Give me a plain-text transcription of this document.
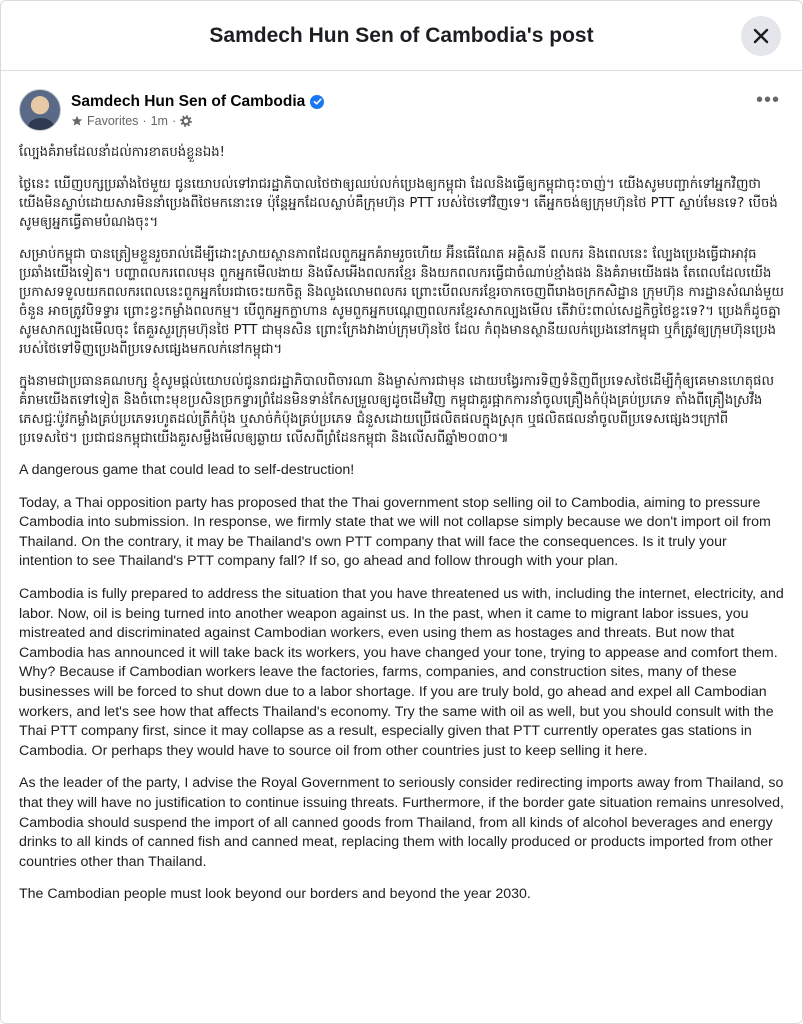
Samdech Hun Sen of Cambodia's post
Samdech Hun Sen of Cambodia
Favorites · 1m ·
•••

ល្បែងគំរាមដែលនាំដល់ការខាតបង់ខ្លួនឯង!

ថ្ងៃនេះ ឃើញបក្សប្រឆាំងថៃមួយ ជូនយោបល់ទៅរាជរដ្ឋាភិបាលថៃថាឲ្យឈប់លក់ប្រេងឲ្យកម្ពុជា ដែលនិងធ្វើឲ្យកម្ពុជាចុះចាញ់។ យើងសូមបញ្ជាក់ទៅអ្នកវិញថា យើងមិនស្លាប់ដោយសារមិននាំប្រេងពីថៃមកនោះទេ ប៉ុន្តែអ្នកដែលស្លាប់គឺក្រុមហ៊ុន PTT របស់ថៃទៅវិញទេ។ តើអ្នកចង់ឲ្យក្រុមហ៊ុនថៃ PTT ស្លាប់មែនទេ? បើចង់ សូមឲ្យអ្នកធ្វើតាមបំណងចុះ។

សម្រាប់កម្ពុជា បានត្រៀមខ្លួនរួចរាល់ដើម្បីដោះស្រាយស្ថានភាពដែលពួកអ្នកគំរាមរួចហើយ អ៊ីនធើណែត អគ្គិសនី ពលករ និងពេលនេះ ល្បែងប្រេងធ្វើជាអាវុធប្រឆាំងយើងទៀត។ បញ្ហាពលករពេលមុន ពួកអ្នកមើលងាយ និងរើសអើងពលករខ្មែរ និងយកពលករធ្វើជាចំណាប់ខ្មាំងផង និងគំរាមយើងផង តែពេលដែលយើងប្រកាសទទួលយកពលករពេលនេះពួកអ្នកបែរជាចេះយកចិត្ត និងលួងលោមពលករ ព្រោះបើពលករខ្មែរចាកចេញពីរោងចក្រកសិដ្ឋាន ក្រុមហ៊ុន ការដ្ឋានសំណង់មួយចំនួន អាចត្រូវបិទទ្វារ ព្រោះខ្វះកម្លាំងពលកម្ម។ បើពួកអ្នកក្លាហាន សូមពួកអ្នកបណ្ដេញពលករខ្មែរសាកល្បងមើល តើវាប៉ះពាល់សេដ្ឋកិច្ចថៃខ្លះទេ?។ ប្រេងក៏ដូចគ្នាសូមសាកល្បងមើលចុះ តែគួរសួរក្រុមហ៊ុនថៃ PTT ជាមុនសិន ព្រោះក្រែងវាងាប់ក្រុមហ៊ុនថៃ ដែល កំពុងមានស្ថានីយលក់ប្រេងនៅកម្ពុជា ឬក៏ត្រូវឲ្យក្រុមហ៊ុនប្រេងរបស់ថៃទៅទិញប្រេងពីប្រទេសផ្សេងមកលក់នៅកម្ពុជា។

ក្នុងនាមជាប្រធានគណបក្ស ខ្ញុំសូមផ្ដល់យោបល់ជូនរាជរដ្ឋាភិបាលពិចារណា និងម្ចាស់ការជាមុន ដោយបង្វែរការទិញទំនិញពីប្រទេសថៃដើម្បីកុំឲ្យគេមានហេតុផលគំរាមយើងតទៅទៀត និងចំពោះមុខប្រសិនច្រកទ្វារព្រំដែនមិនទាន់កែសម្រួលឲ្យដូចដើមវិញ កម្ពុជាគួរផ្អាកការនាំចូលគ្រឿងកំប៉ុងគ្រប់ប្រភេទ តាំងពីគ្រឿងស្រវឹង ភេសជ្ជៈប៉ូវកម្លាំងគ្រប់ប្រភេទរហូតដល់ត្រីកំប៉ុង ឬសាច់កំប៉ុងគ្រប់ប្រភេទ ជំនួសដោយប្រើផលិតផលក្នុងស្រុក ឬផលិតផលនាំចូលពីប្រទេសផ្សេងៗក្រៅពីប្រទេសថៃ។ ប្រជាជនកម្ពុជាយើងគួរសម្លឹងមើលឲ្យឆ្ងាយ លើសពីព្រំដែនកម្ពុជា និងលើសពីឆ្នាំ២០៣០៕

A dangerous game that could lead to self-destruction!

Today, a Thai opposition party has proposed that the Thai government stop selling oil to Cambodia, aiming to pressure Cambodia into submission. In response, we firmly state that we will not collapse simply because we don't import oil from Thailand. On the contrary, it may be Thailand's own PTT company that will face the consequences. Is it truly your intention to see Thailand's PTT company fall? If so, go ahead and follow through with your plan.

Cambodia is fully prepared to address the situation that you have threatened us with, including the internet, electricity, and labor. Now, oil is being turned into another weapon against us. In the past, when it came to migrant labor issues, you mistreated and discriminated against Cambodian workers, even using them as hostages and threats. But now that Cambodia has announced it will take back its workers, you have changed your tone, trying to appease and comfort them. Why? Because if Cambodian workers leave the factories, farms, companies, and construction sites, many of these businesses will be forced to shut down due to a labor shortage. If you are truly bold, go ahead and expel all Cambodian workers, and let's see how that affects Thailand's economy. Try the same with oil as well, but you should consult with the Thai PTT company first, since it may collapse as a result, especially given that PTT currently operates gas stations in Cambodia. Or perhaps they would have to source oil from other countries just to keep selling it here.

As the leader of the party, I advise the Royal Government to seriously consider redirecting imports away from Thailand, so that they will have no justification to continue issuing threats. Furthermore, if the border gate situation remains unresolved, Cambodia should suspend the import of all canned goods from Thailand, from all kinds of alcohol beverages and energy drinks to all kinds of canned fish and canned meat, replacing them with locally produced or products imported from other countries other than Thailand.

The Cambodian people must look beyond our borders and beyond the year 2030.
